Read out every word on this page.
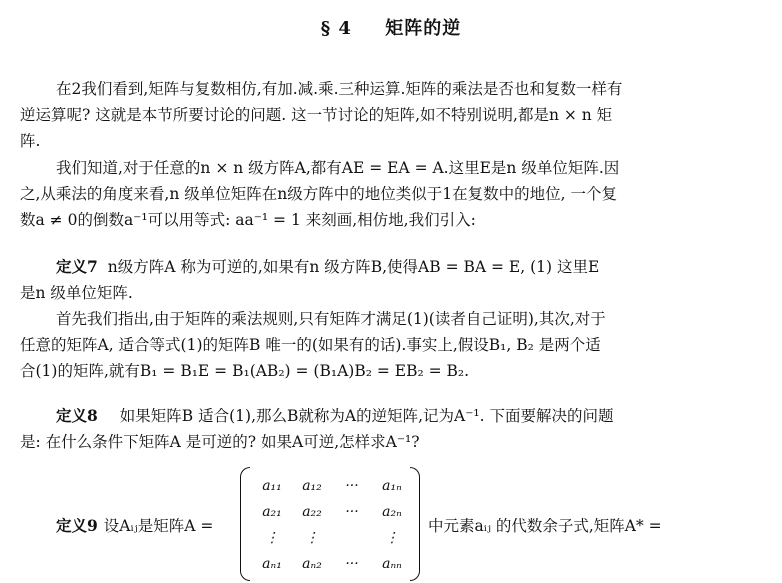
§ 4 矩阵的逆
在2我们看到,矩阵与复数相仿,有加.减.乘.三种运算.矩阵的乘法是否也和复数一样有
逆运算呢? 这就是本节所要讨论的问题. 这一节讨论的矩阵,如不特别说明,都是n × n 矩
阵.
我们知道,对于任意的n × n 级方阵A,都有AE = EA = A.这里E是n 级单位矩阵.因
之,从乘法的角度来看,n 级单位矩阵在n级方阵中的地位类似于1在复数中的地位, 一个复
数a ≠ 0的倒数a⁻¹可以用等式: aa⁻¹ = 1 来刻画,相仿地,我们引入:
定义7 n级方阵A 称为可逆的,如果有n 级方阵B,使得AB = BA = E, (1) 这里E
是n 级单位矩阵.
首先我们指出,由于矩阵的乘法规则,只有矩阵才满足(1)(读者自己证明),其次,对于
任意的矩阵A, 适合等式(1)的矩阵B 唯一的(如果有的话).事实上,假设B₁, B₂ 是两个适
合(1)的矩阵,就有B₁ = B₁E = B₁(AB₂) = (B₁A)B₂ = EB₂ = B₂.
定义8 如果矩阵B 适合(1),那么B就称为A的逆矩阵,记为A⁻¹. 下面要解决的问题
是: 在什么条件下矩阵A 是可逆的? 如果A可逆,怎样求A⁻¹?
定义9 设Aᵢⱼ是矩阵A =
a₁₁	a₁₂	···	a₁ₙ
a₂₁	a₂₂	···	a₂ₙ
⋮	⋮		⋮
aₙ₁	aₙ₂	···	aₙₙ
中元素aᵢⱼ 的代数余子式,矩阵A* =
